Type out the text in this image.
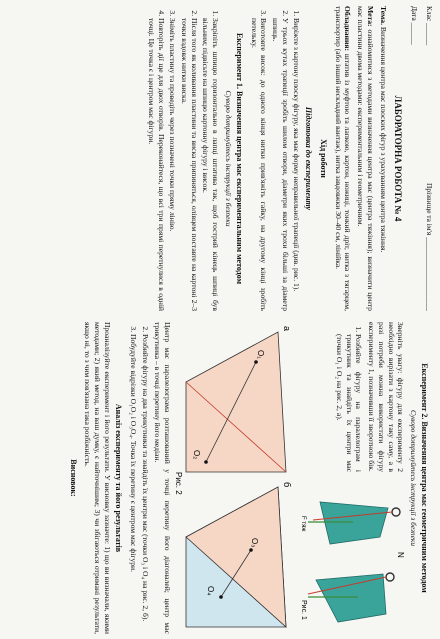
Клас ______
Прізвище та ім'я ____________________
Дата ______
ЛАБОРАТОРНА РОБОТА № 4

Тема. Визначення центра мас плоских фігур з урахуванням центра тяжіння.

Мета: ознайомитися з методами визначення центра мас (центра тяжіння); визначити центр мас пластини двома методами: експериментальним і геометричним.

Обладнання: штатив із муфтою та лапкою, картон, ножиці, тонкий дріт, нитка з тягарцем, транспортир (або інший нескладний вантаж), нитка завдовжки 30–40 см, лінійка.

Хід роботи
Підготовка до експерименту
1. Виріжте з картону плоску фігуру, яка має форму неправильної трапеції (див. рис. 1).
2. У трьох кутах трапеції зробіть шилом отвори, діаметри яких трохи більші за діаметр шпиць.
3. Виготовте висок: до одного кінця нитки прив'яжіть гайку, на другому кінці зробіть петельку.
Експеримент 1. Визначення центра мас експериментальним методом
Суворо дотримуйтесь інструкції з безпеки
1. Закріпіть шпицю горизонтально в лапці штатива так, щоб гострий кінець шпиці був вільним; підвісьте на шпицю картонну фігуру і висок.
2. Після того як коливання пластини та виска припиняться, олівцем поставте на картоні 2–3 точки вздовж нитки виска.
3. Зніміть пластину та проведіть через позначені точки пряму лінію.
4. Повторіть дії ще для двох отворів. Переконайтеся, що всі три прямі перетнулися в одній точці. Це точка є і центром мас фігури.
Експеримент 2. Визначення центра мас геометричним методом
Суворо дотримуйтесь інструкції з безпеки
N
F тяж
Рис. 1

Зверніть увагу: фігуру для експерименту 2 необхідно вирізати з картону таку саму, а в разі потреби можна використати фігуру експерименту 1, позначивши її зворотною бік.

1. Розбийте фігуру на паралелограм і трикутник та знайдіть їх центри мас (точки O₁ і O₂ на рис. 2, а).
а
O₁
O₂
б
O₃
O₄
Рис. 2

Центр мас паралелограма розташований у точці перетину його діагоналей; центр мас трикутника – в точці перетину його медіан.

2. Розбийте фігуру на два трикутники та знайдіть їх центри мас (точки O₃ і O₄ на рис. 2, б).
3. Побудуйте відрізки O₁O₂ і O₃O₄. Точка їх перетину є центром мас фігури.
Аналіз експерименту та його результатів

Проаналізуйте експеримент і його результати. У висновку зазначте: 1) що ви визначали, якими методами; 2) який метод, на ваш думку, є найточнішим; 3) чи збігаються отримані результати, якщо ні, то з чим пов'язана така розбіжність.

Висновок:
